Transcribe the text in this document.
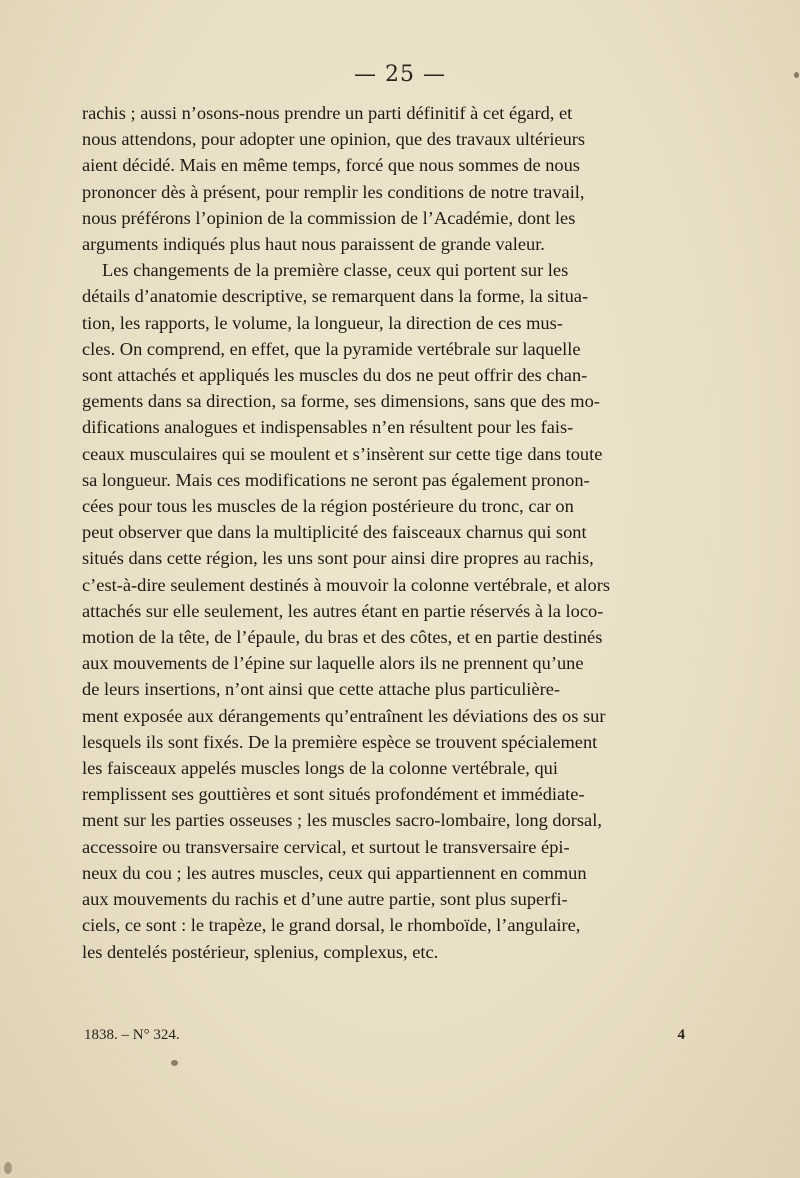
— 25 —

rachis ; aussi n’osons-nous prendre un parti définitif à cet égard, et

nous attendons, pour adopter une opinion, que des travaux ultérieurs

aient décidé. Mais en même temps, forcé que nous sommes de nous

prononcer dès à présent, pour remplir les conditions de notre travail,

nous préférons l’opinion de la commission de l’Académie, dont les

arguments indiqués plus haut nous paraissent de grande valeur.

Les changements de la première classe, ceux qui portent sur les

détails d’anatomie descriptive, se remarquent dans la forme, la situa-

tion, les rapports, le volume, la longueur, la direction de ces mus-

cles. On comprend, en effet, que la pyramide vertébrale sur laquelle

sont attachés et appliqués les muscles du dos ne peut offrir des chan-

gements dans sa direction, sa forme, ses dimensions, sans que des mo-

difications analogues et indispensables n’en résultent pour les fais-

ceaux musculaires qui se moulent et s’insèrent sur cette tige dans toute

sa longueur. Mais ces modifications ne seront pas également pronon-

cées pour tous les muscles de la région postérieure du tronc, car on

peut observer que dans la multiplicité des faisceaux charnus qui sont

situés dans cette région, les uns sont pour ainsi dire propres au rachis,

c’est-à-dire seulement destinés à mouvoir la colonne vertébrale, et alors

attachés sur elle seulement, les autres étant en partie réservés à la loco-

motion de la tête, de l’épaule, du bras et des côtes, et en partie destinés

aux mouvements de l’épine sur laquelle alors ils ne prennent qu’une

de leurs insertions, n’ont ainsi que cette attache plus particulière-

ment exposée aux dérangements qu’entraînent les déviations des os sur

lesquels ils sont fixés. De la première espèce se trouvent spécialement

les faisceaux appelés muscles longs de la colonne vertébrale, qui

remplissent ses gouttières et sont situés profondément et immédiate-

ment sur les parties osseuses ; les muscles sacro-lombaire, long dorsal,

accessoire ou transversaire cervical, et surtout le transversaire épi-

neux du cou ; les autres muscles, ceux qui appartiennent en commun

aux mouvements du rachis et d’une autre partie, sont plus superfi-

ciels, ce sont : le trapèze, le grand dorsal, le rhomboïde, l’angulaire,

les dentelés postérieur, splenius, complexus, etc.

1838. – N° 324.	4
